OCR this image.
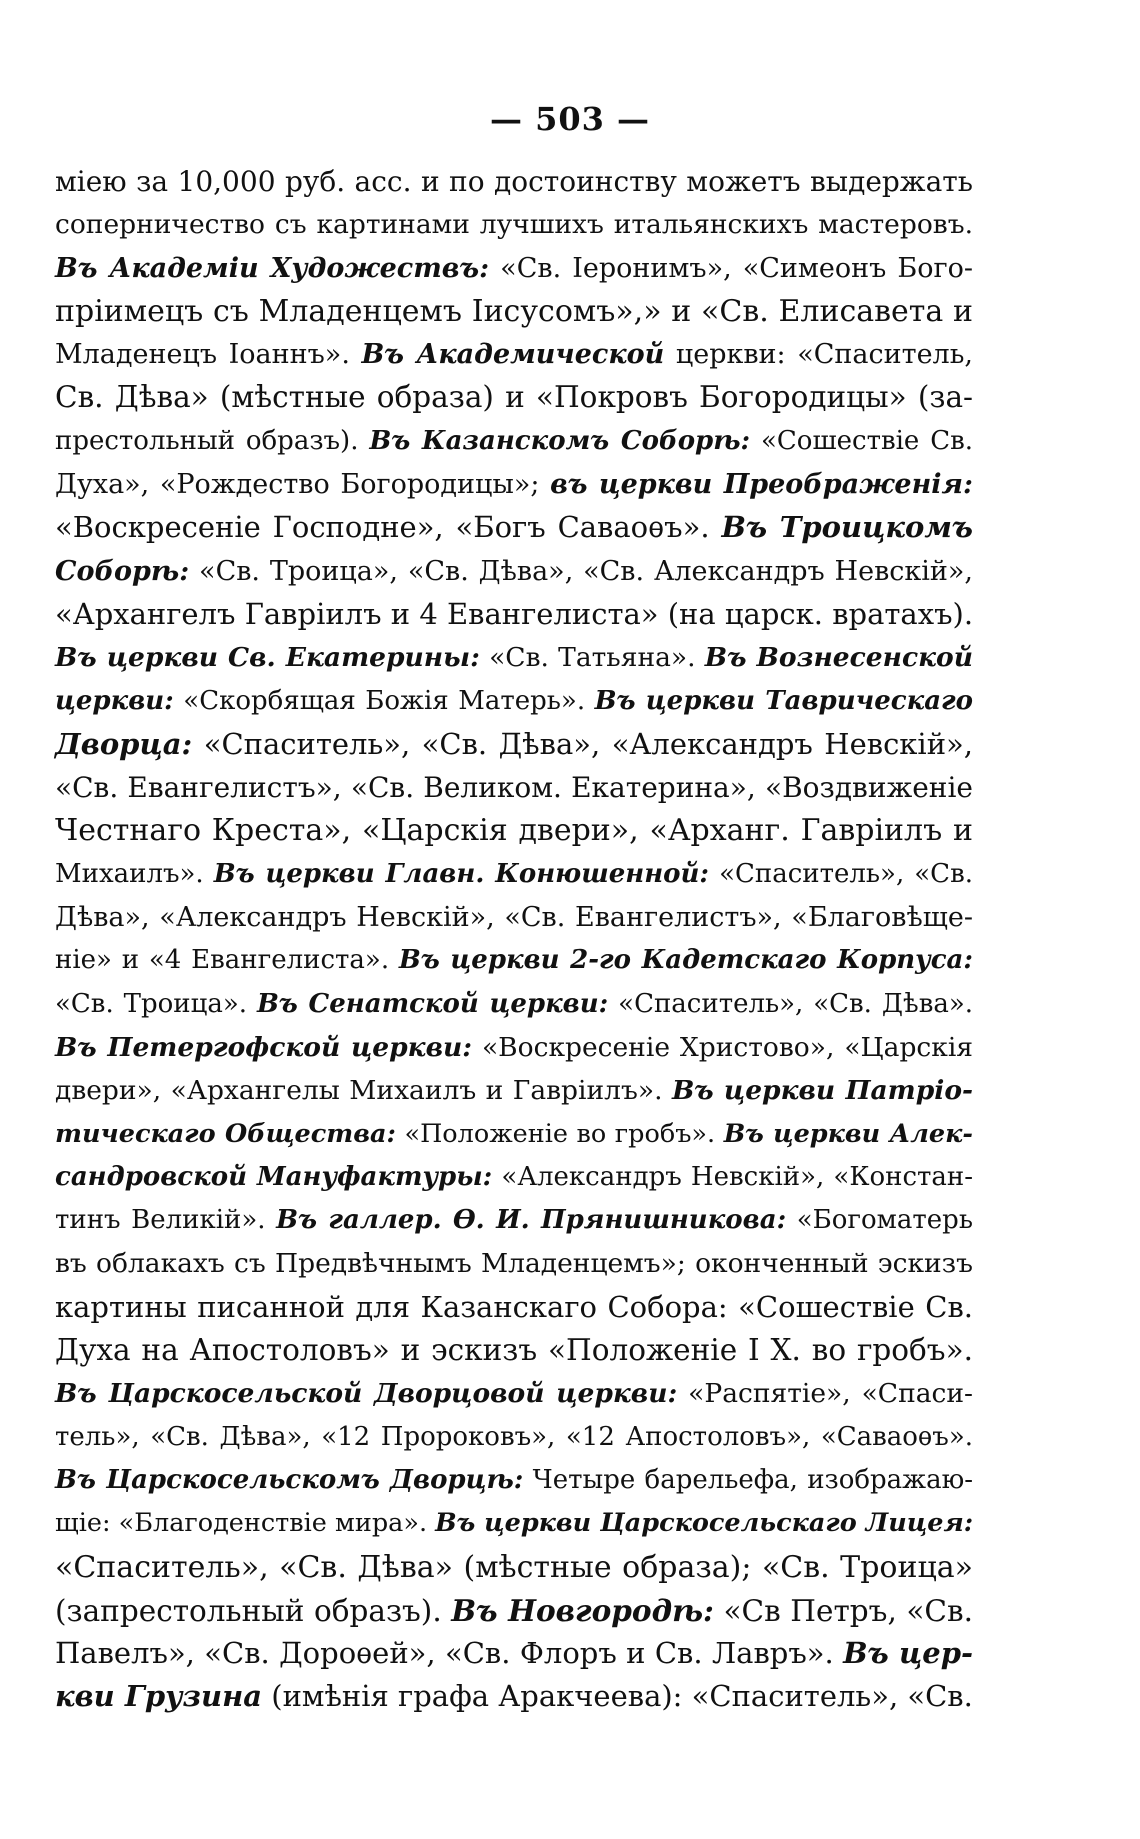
— 503 —
міею за 10,000 руб. асс. и по достоинству можетъ выдержать
соперничество съ картинами лучшихъ итальянскихъ мастеровъ.
Въ Академіи Художествъ: «Св. Іеронимъ», «Симеонъ Бого-
пріимецъ съ Младенцемъ Іисусомъ»,» и «Св. Елисавета и
Младенецъ Іоаннъ». Въ Академической церкви: «Спаситель,
Св. Дѣва» (мѣстные образа) и «Покровъ Богородицы» (за-
престольный образъ). Въ Казанскомъ Соборѣ: «Сошествіе Св.
Духа», «Рождество Богородицы»; въ церкви Преображенія:
«Воскресеніе Господне», «Богъ Саваоѳъ». Въ Троицкомъ
Соборѣ: «Св. Троица», «Св. Дѣва», «Св. Александръ Невскій»,
«Архангелъ Гавріилъ и 4 Евангелиста» (на царск. вратахъ).
Въ церкви Св. Екатерины: «Св. Татьяна». Въ Вознесенской
церкви: «Скорбящая Божія Матерь». Въ церкви Таврическаго
Дворца: «Спаситель», «Св. Дѣва», «Александръ Невскій»,
«Св. Евангелистъ», «Св. Великом. Екатерина», «Воздвиженіе
Честнаго Креста», «Царскія двери», «Арханг. Гавріилъ и
Михаилъ». Въ церкви Главн. Конюшенной: «Спаситель», «Св.
Дѣва», «Александръ Невскій», «Св. Евангелистъ», «Благовѣще-
ніе» и «4 Евангелиста». Въ церкви 2-го Кадетскаго Корпуса:
«Св. Троица». Въ Сенатской церкви: «Спаситель», «Св. Дѣва».
Въ Петергофской церкви: «Воскресеніе Христово», «Царскія
двери», «Архангелы Михаилъ и Гавріилъ». Въ церкви Патріо-
тическаго Общества: «Положеніе во гробъ». Въ церкви Алек-
сандровской Мануфактуры: «Александръ Невскій», «Констан-
тинъ Великій». Въ галлер. Ѳ. И. Прянишникова: «Богоматерь
въ облакахъ съ Предвѣчнымъ Младенцемъ»; оконченный эскизъ
картины писанной для Казанскаго Собора: «Сошествіе Св.
Духа на Апостоловъ» и эскизъ «Положеніе І Х. во гробъ».
Въ Царскосельской Дворцовой церкви: «Распятіе», «Спаси-
тель», «Св. Дѣва», «12 Пророковъ», «12 Апостоловъ», «Саваоѳъ».
Въ Царскосельскомъ Дворцѣ: Четыре барельефа, изображаю-
щіе: «Благоденствіе мира». Въ церкви Царскосельскаго Лицея:
«Спаситель», «Св. Дѣва» (мѣстные образа); «Св. Троица»
(запрестольный образъ). Въ Новгородѣ: «Св Петръ, «Св.
Павелъ», «Св. Дороѳей», «Св. Флоръ и Св. Лавръ». Въ цер-
кви Грузина (имѣнія графа Аракчеева): «Спаситель», «Св.
